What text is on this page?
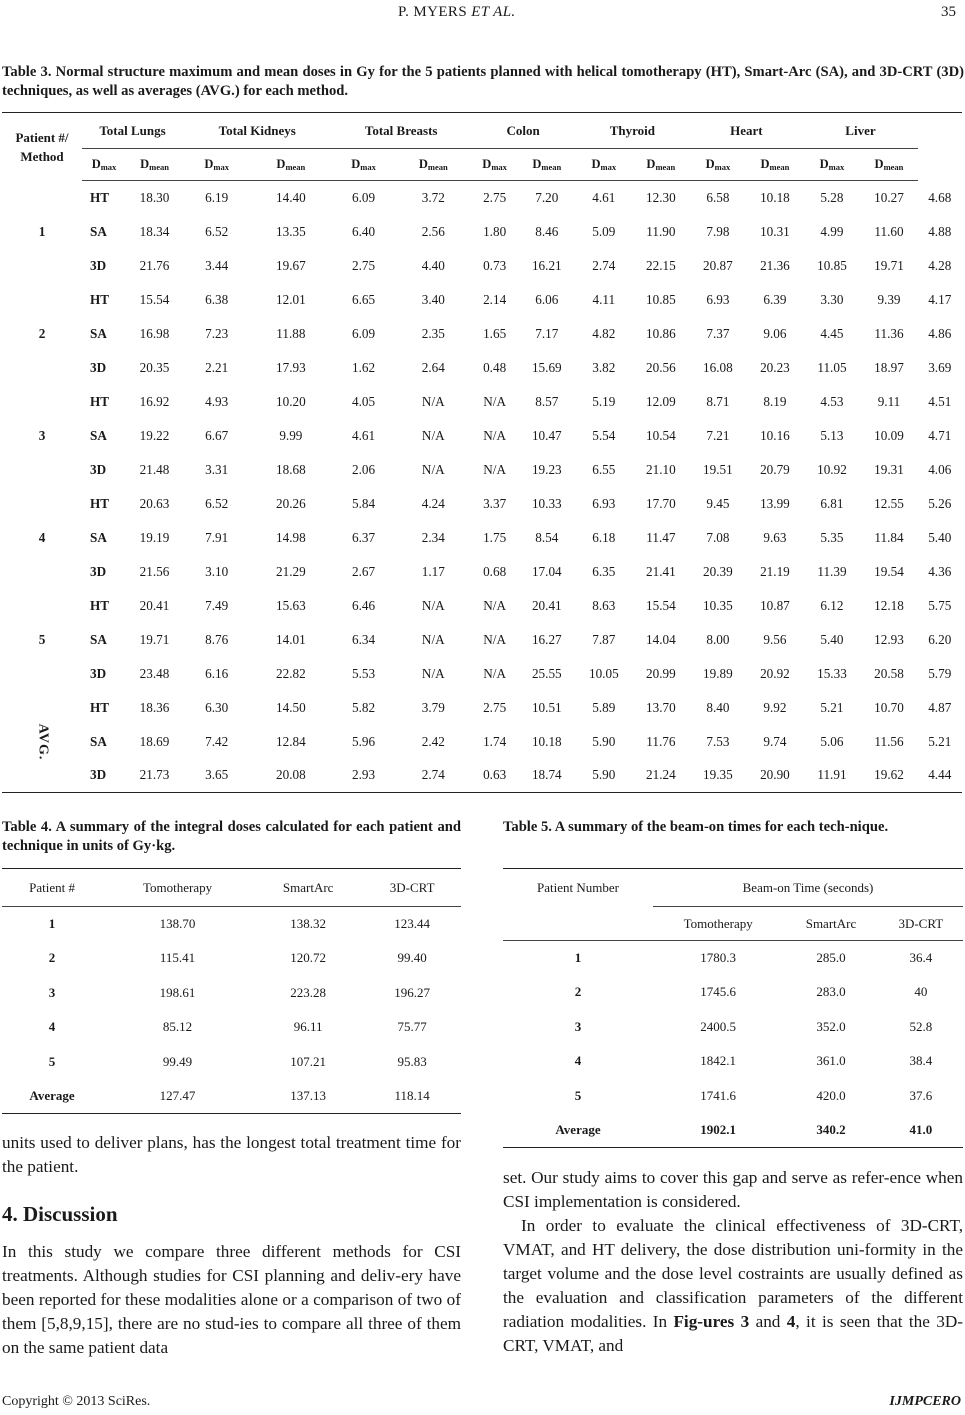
P. MYERS ET AL.	35
Table 3. Normal structure maximum and mean doses in Gy for the 5 patients planned with helical tomotherapy (HT), Smart-Arc (SA), and 3D-CRT (3D) techniques, as well as averages (AVG.) for each method.
Patient #/
Method	Total Lungs		Total Kidneys		Total Breasts		Colon		Thyroid		Heart		Liver		
	$D_{max}$	$D_{mean}$	$D_{max}$	$D_{mean}$	$D_{max}$	$D_{mean}$	$D_{max}$	$D_{mean}$	$D_{max}$	$D_{mean}$	$D_{max}$	$D_{mean}$	$D_{max}$	$D_{mean}$
1	HT	18.30	6.19	14.40	6.09	3.72	2.75	7.20	4.61	12.30	6.58	10.18	5.28	10.27	4.68
	SA	18.34	6.52	13.35	6.40	2.56	1.80	8.46	5.09	11.90	7.98	10.31	4.99	11.60	4.88
	3D	21.76	3.44	19.67	2.75	4.40	0.73	16.21	2.74	22.15	20.87	21.36	10.85	19.71	4.28
2	HT	15.54	6.38	12.01	6.65	3.40	2.14	6.06	4.11	10.85	6.93	6.39	3.30	9.39	4.17
	SA	16.98	7.23	11.88	6.09	2.35	1.65	7.17	4.82	10.86	7.37	9.06	4.45	11.36	4.86
	3D	20.35	2.21	17.93	1.62	2.64	0.48	15.69	3.82	20.56	16.08	20.23	11.05	18.97	3.69
3	HT	16.92	4.93	10.20	4.05	N/A	N/A	8.57	5.19	12.09	8.71	8.19	4.53	9.11	4.51
	SA	19.22	6.67	9.99	4.61	N/A	N/A	10.47	5.54	10.54	7.21	10.16	5.13	10.09	4.71
	3D	21.48	3.31	18.68	2.06	N/A	N/A	19.23	6.55	21.10	19.51	20.79	10.92	19.31	4.06
4	HT	20.63	6.52	20.26	5.84	4.24	3.37	10.33	6.93	17.70	9.45	13.99	6.81	12.55	5.26
	SA	19.19	7.91	14.98	6.37	2.34	1.75	8.54	6.18	11.47	7.08	9.63	5.35	11.84	5.40
	3D	21.56	3.10	21.29	2.67	1.17	0.68	17.04	6.35	21.41	20.39	21.19	11.39	19.54	4.36
5	HT	20.41	7.49	15.63	6.46	N/A	N/A	20.41	8.63	15.54	10.35	10.87	6.12	12.18	5.75
	SA	19.71	8.76	14.01	6.34	N/A	N/A	16.27	7.87	14.04	8.00	9.56	5.40	12.93	6.20
	3D	23.48	6.16	22.82	5.53	N/A	N/A	25.55	10.05	20.99	19.89	20.92	15.33	20.58	5.79
AVG.	HT	18.36	6.30	14.50	5.82	3.79	2.75	10.51	5.89	13.70	8.40	9.92	5.21	10.70	4.87
	SA	18.69	7.42	12.84	5.96	2.42	1.74	10.18	5.90	11.76	7.53	9.74	5.06	11.56	5.21
	3D	21.73	3.65	20.08	2.93	2.74	0.63	18.74	5.90	21.24	19.35	20.90	11.91	19.62	4.44
Table 4. A summary of the integral doses calculated for each patient and technique in units of Gy·kg.
Patient #	Tomotherapy	SmartArc	3D-CRT
1	138.70	138.32	123.44
2	115.41	120.72	99.40
3	198.61	223.28	196.27
4	85.12	96.11	75.77
5	99.49	107.21	95.83
Average	127.47	137.13	118.14
Table 5. A summary of the beam-on times for each tech-nique.
Patient Number	Beam-on Time (seconds)		
	Tomotherapy	SmartArc	3D-CRT
1	1780.3	285.0	36.4
2	1745.6	283.0	40
3	2400.5	352.0	52.8
4	1842.1	361.0	38.4
5	1741.6	420.0	37.6
Average	1902.1	340.2	41.0

units used to deliver plans, has the longest total treatment time for the patient.

4. Discussion

In this study we compare three different methods for CSI treatments. Although studies for CSI planning and deliv-ery have been reported for these modalities alone or a comparison of two of them [5,8,9,15], there are no stud-ies to compare all three of them on the same patient data

set. Our study aims to cover this gap and serve as refer-ence when CSI implementation is considered.

In order to evaluate the clinical effectiveness of 3D-CRT, VMAT, and HT delivery, the dose distribution uni-formity in the target volume and the dose level costraints are usually defined as the evaluation and classification parameters of the different radiation modalities. In Fig-ures 3 and 4, it is seen that the 3D-CRT, VMAT, and

Copyright © 2013 SciRes.	IJMPCERO
